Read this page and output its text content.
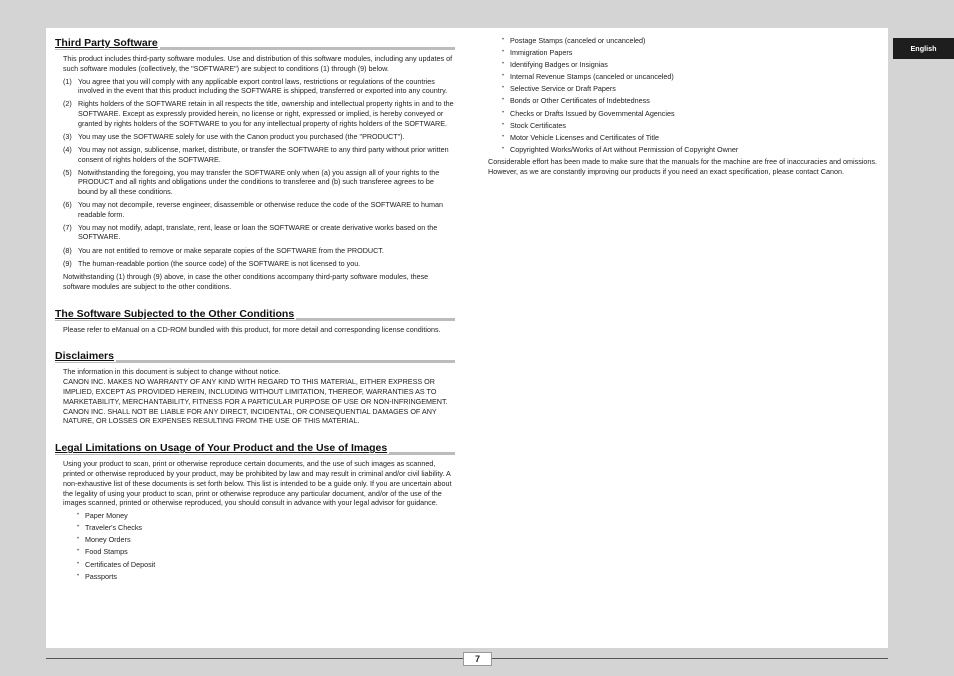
Third Party Software

This product includes third-party software modules. Use and distribution of this software modules, including any updates of such software modules (collectively, the "SOFTWARE") are subject to conditions (1) through (9) below.

(1) You agree that you will comply with any applicable export control laws, restrictions or regulations of the countries involved in the event that this product including the SOFTWARE is shipped, transferred or exported into any country.
(2) Rights holders of the SOFTWARE retain in all respects the title, ownership and intellectual property rights in and to the SOFTWARE. Except as expressly provided herein, no license or right, expressed or implied, is hereby conveyed or granted by rights holders of the SOFTWARE to you for any intellectual property of rights holders of the SOFTWARE.
(3) You may use the SOFTWARE solely for use with the Canon product you purchased (the "PRODUCT").
(4) You may not assign, sublicense, market, distribute, or transfer the SOFTWARE to any third party without prior written consent of rights holders of the SOFTWARE.
(5) Notwithstanding the foregoing, you may transfer the SOFTWARE only when (a) you assign all of your rights to the PRODUCT and all rights and obligations under the conditions to transferee and (b) such transferee agrees to be bound by all these conditions.
(6) You may not decompile, reverse engineer, disassemble or otherwise reduce the code of the SOFTWARE to human readable form.
(7) You may not modify, adapt, translate, rent, lease or loan the SOFTWARE or create derivative works based on the SOFTWARE.
(8) You are not entitled to remove or make separate copies of the SOFTWARE from the PRODUCT.
(9) The human-readable portion (the source code) of the SOFTWARE is not licensed to you.

Notwithstanding (1) through (9) above, in case the other conditions accompany third-party software modules, these software modules are subject to the other conditions.

The Software Subjected to the Other Conditions

Please refer to eManual on a CD-ROM bundled with this product, for more detail and corresponding license conditions.

Disclaimers

The information in this document is subject to change without notice.

CANON INC. MAKES NO WARRANTY OF ANY KIND WITH REGARD TO THIS MATERIAL, EITHER EXPRESS OR IMPLIED, EXCEPT AS PROVIDED HEREIN, INCLUDING WITHOUT LIMITATION, THEREOF, WARRANTIES AS TO MARKETABILITY, MERCHANTABILITY, FITNESS FOR A PARTICULAR PURPOSE OF USE OR NON-INFRINGEMENT. CANON INC. SHALL NOT BE LIABLE FOR ANY DIRECT, INCIDENTAL, OR CONSEQUENTIAL DAMAGES OF ANY NATURE, OR LOSSES OR EXPENSES RESULTING FROM THE USE OF THIS MATERIAL.

Legal Limitations on Usage of Your Product and the Use of Images

Using your product to scan, print or otherwise reproduce certain documents, and the use of such images as scanned, printed or otherwise reproduced by your product, may be prohibited by law and may result in criminal and/or civil liability. A non-exhaustive list of these documents is set forth below. This list is intended to be a guide only. If you are uncertain about the legality of using your product to scan, print or otherwise reproduce any particular document, and/or of the use of the images scanned, printed or otherwise reproduced, you should consult in advance with your legal advisor for guidance.

• Paper Money
• Traveler's Checks
• Money Orders
• Food Stamps
• Certificates of Deposit
• Passports
• Postage Stamps (canceled or uncanceled)
• Immigration Papers
• Identifying Badges or Insignias
• Internal Revenue Stamps (canceled or uncanceled)
• Selective Service or Draft Papers
• Bonds or Other Certificates of Indebtedness
• Checks or Drafts Issued by Governmental Agencies
• Stock Certificates
• Motor Vehicle Licenses and Certificates of Title
• Copyrighted Works/Works of Art without Permission of Copyright Owner

Considerable effort has been made to make sure that the manuals for the machine are free of inaccuracies and omissions. However, as we are constantly improving our products if you need an exact specification, please contact Canon.

English
7
